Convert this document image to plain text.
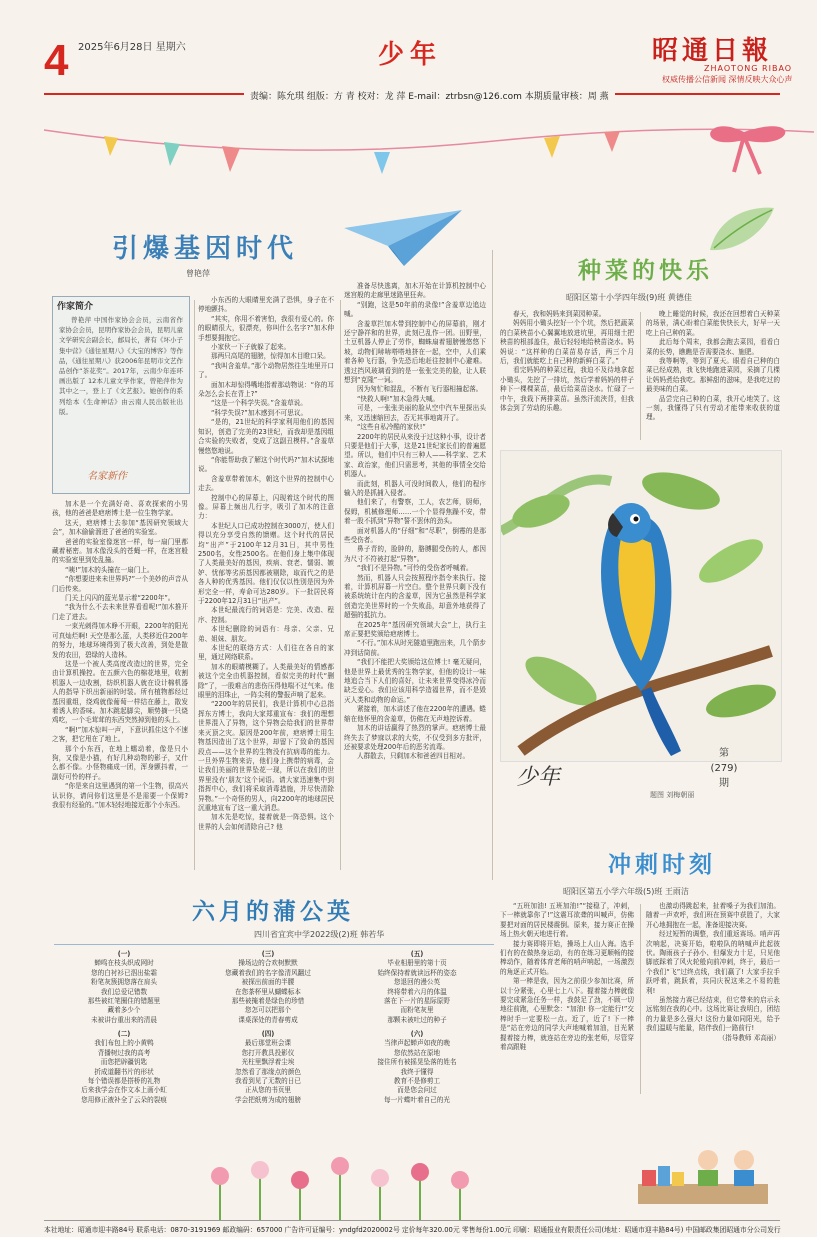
4 2025年6月28日 星期六	少年	昭通日報
ZHAOTONG RIBAO
权威传播公信新闻 深情反映大众心声
责编：陈允琪 组版：方 青 校对：龙 萍 E-mail：ztrbsn@126.com 本期质量审核：周 燕
引爆基因时代
曾艳萍
作家简介
曾艳萍 中国作家协会会员，云南省作家协会会员，昆明作家协会会员，昆明儿童文学研究会副会长，邮局长，著有《坏小子集中营》《通往星期八》《大宝的博客》等作品，《通往星期八》获2006年昆明市文艺作品创作“茶花奖”。2017年，云南少年连环画出版了 12本儿童文学作家，曾艳萍作为其中之一，登上了《文艺报》。她创作的系列绘本《生命神话》由云南人民出版社出版。
名家新作

加木是一个充满好奇、喜欢探索的小男孩，他的爸爸是疤痞博士是一位生物学家。

这天，疤痞博士去参加“基因研究领域大会”，加木偷偷溜进了爸爸的实验室。

爸爸的实验室像迷宫一样，每一扇门里都藏着秘密。加木像没头的苍蝇一样，在迷宫般的实验室里到处乱撞。

“咦!”加木的头撞在一扇门上。

“你想要进来未世界吗?”一个美妙的声音从门后传来。

门关上闪闪的蓝光显示着“2200年”。

“我为什么不去未来世界看看呢!”加木推开门走了进去。

一束光刺得加木睁不开眼，2200年的阳光可真灿烂啊! 天空是那么蓝，人类移近住200年的努力，地球环境得到了极大改善，到处是散发的农田，碧绿的人造林。

这是一个被人类高度改造过的世界，完全由计算机操控。在五颜六色的棉花地里，收割机器人一边收割，纺织机器人就在设计棉机器人的指导下织出新丽的时装。所有植物都经过基因重组，绕鸡就像葡萄一样结在藤上，散发着诱人的香味。加木跳起脚尖，顺势摘一只烧鸡吃，一个毛茸茸的东西突然掉到他的头上。

“啊!”加木惊叫一声，下意识抓住这个不速之客，把它甩在了地上。

那个小东西，在地上蠕动着，像是只小狗，又像是小猫，有好几种动物的影子，又什么都不像。小怪物痛成一团，浑身颤抖着，一副好可怜的样子。

“你是来自这里遇到的第一个生物，很高兴认识你，请问你们这里是不是需要一个保姆? 我很有经验的。”加木轻轻地接近那个小东西。

小东西的大眼睛里充满了恐惧，身子在不停地颤抖。

“其实，你用不着害怕，我很有爱心的。你的眼睛很大，很漂亮，你叫什么名字?”加木伸手想要拥抱它。

小家伙一下子就躲了起来。

那两只高尾的翅膀，惊得加木目瞪口呆。

“我叫含羞草。”那个动物居然往生地里开口了。

面加木却惊得嘴地指着那动物说：“你的耳朵怎么会长在背上?”

“这是一个科学失误。”含羞草说。

“科学失误?”加木感到不可思议。

“是的，21世纪的科学家利用他们的基因知识，创造了完美的23世纪，而我却是基因组合实验的失败者，变成了这副丑模样。”含羞草慢悠悠地说。

“你能帮助我了解这个时代吗?”加木试探地说。

含羞草带着加木，朝这个世界的控制中心走去。

控制中心的屏幕上，闪现着这个时代的图像。屏幕上频出几行字，吸引了加木的注意力：

本世纪人口已成功控制在3000万，使人们得以充分享受自然的馈赠。这个时代的居民均“出产”于2100年12月31日，其中男性2500名，女性2500名。在他们身上集中体现了人类最美好的基因，疾病、衰老、懦弱、嫉妒、忧郁等劣质基因都被剔除，取而代之的是各人种的优秀基因。他们仅仅以性别是因为外形完全一样，寿命可达280岁。下一批居民将于2200年12月31日“出产”。

本世纪最流行的词语是：完美、改造、程序、控制。

本世纪删除的词语有：母亲、父亲、兄弟、姐妹、朋友。

本世纪的联络方式：人们往在各自的家里，通过网络联系。

加木的眼睛模糊了。人类最美好的情感都被这个完全由机器控制，看似完美的时代“删除”了，一股难言的悲伤压得他喘不过气来。他眼里的泪珠止，一阵尖利的警报声响了起来。

“2200年的居民们，我是计算机中心总指挥东方博士，我向大家郑重宣布：我们的理想世界混入了异物，这个异物会给我们的世界带来灭顶之灾。原因是200年前，疤痞博士用生物基因造出了这个世界，却留下了致命的基因段点——这个世界的生物没有抗病毒的能力。一旦外界生物来访，他们身上携带的病毒，会让我们美丽的世界坠花一现，所以在我们的世界里没有‘朋友’这个词语。请大家迅速集中到指挥中心，我们将采取消毒措施，并尽快清除异物。”一个奇怪的男人，向2200年的地球居民沉重地宣布了这一重大消息。

加木先是吃惊，接着就是一阵恐惧。这个世界的人会如何清除自己? 他

准备尽快逃离，加木开始在计算机控制中心迷宫般的走廊里迷路里狂奔。

“别跑，这是50年前的录像!”含羞草边追边喊。

含羞草拦加木带到控制中心的屏幕前，刚才还宁静祥和的世界，此刻已乱作一团。田野里，土豆机器人停止了劳作，蜘蛛扇着翅膀慢悠悠下坡，动物们哧哧嗒嗒地挤在一起，空中，人们乘着各种飞行器，争先恐后地赶往控制中心避难。透过挡风玻璃看到的是一张张完美的脸，让人联想到“克隆”一词。

因为匆忙和混乱，不断有飞行器相撞起落。

“快救人啊!”加木急得大喊。

可是，一张张美丽的脸从空中汽车里探出头来，又迅速缩回去，否无其事地离开了。

“这些自私冷酷的家伙!”

2200年的居民从来没于过这种小事，设计者只要是他们于大事，这是21世纪家长们的普遍愿望。所以，他们中只有三种人——科学家、艺术家、政治家，他们只需思考，其他的事情全交给机器人。

而此刻，机器人可没时间救人，他们的程序输入的是抓捕入侵者。

他们来了，有警察，工人，农艺师，厨师，保姆，机械修理师……一个个显得焦躁不安，带着一股不抓到“异物”誓不罢休的劲头。

面对机器人的“仔细”和“尽职”，倒霉的是那些受伤者。

鼻子青的，脸肿的，胳膊腿受伤的人，都因为尺寸不符被打起“异物”。

“我们不是异物。”可怜的受伤者呼喊着。

然而，机器人只会按照程序指令来执行。接着，计算机屏幕一片空白。整个世界只剩下没有被系统统计在内的含羞草，因为它虽然是科学家创造完美世界时的一个失败品，却意外地获得了超强的抵抗力。

在2025年“基因研究领域大会”上，执行主席正要把奖颁给疤痞博士。

“不行。”加木从时光隧道里跑出来，几个箭步冲到话筒前。

“我们不能把大奖颁给这位博士! 毫无疑问，他是世界上最优秀的生物学家，但他的设计一味地追合当下人们的喜好，让未来世界变得冰冷而缺乏爱心。我们应该用科学造福世界，而不是毁灭人类和动物的命运。”

紧接着，加木讲述了他在2200年的遭遇。蜷缩在他怀里的含羞草，仿佛在无声地控诉着。

加木的讲话赢得了热烈的掌声。疤痞博士最终失去了梦寐以求的大奖，不仅受到多方批评，还被要求处理200年后的恶劣流毒。

人群散去，只剩加木和爸爸四目相对。

种菜的快乐
昭阳区第十小学四年级(9)班 黄德佳

春天，我和妈妈来到菜园种菜。

妈妈用小锄头挖好一个个坑，然后把蔬菜的白菜秧苗小心翼翼地放进坑里，再用细土把秧苗的根部盖住，最后轻轻地给秧苗浇水。妈妈说：“这样种的白菜苗易存活，两三个月后，我们就能吃上自己种的新鲜白菜了。”

看完妈妈的种菜过程，我迫不及待地拿起小锄头，先挖了一排坑，然后学着妈妈的样子种下一棵棵菜苗，最后给菜苗浇水。忙碌了一中午，我栽下两排菜苗。虽然汗流浃背，但我体会到了劳动的乐趣。

晚上睡觉的时候，我还在回想着白天种菜的场景，满心盼着白菜能快快长大，好早一天吃上自己种的菜。

此后每个周末，我都会跑去菜园，看看白菜的长势，瞧瞧是否需要浇水、施肥。

我等啊等，等到了夏天。眼看自己种的白菜已经成熟，我飞快地跑进菜园，采摘了几棵让妈妈煮给我吃。那鲜甜的滋味，是我吃过的最美味的白菜。

品尝完自己种的白菜，我开心地笑了。这一刻，我懂得了只有劳动才能带来收获的道理。

第
(279)
期
少年
题图 刘梅朝丽
冲刺时刻
昭阳区第五小学六年级(5)班 王雨洁

“五班加油! 五班加油!”“接稳了，冲刺，下一棒就靠你了!”这震耳欲聋的叫喊声，仿佛要把对面的居民楼震倒。原来，接力赛正在操场上热火朝天地进行着。

接力赛即将开始，操场上人山人海。选手们有的在做热身运动，有的在练习更顺畅的接棒动作，随着体育老师的哨声响起，一场激烈的角逐正式开始。

第一棒是我，因为之前很少参加比赛，所以十分紧张，心里七上八下。握着接力棒就像要完成紧急任务一样，我鼓足了劲，不顾一切地往前跑，心里默念：“加油! 你一定能行!”交棒时手一定要松一点。近了，近了! 下一棒是“站在旁边的同学大声地喊着加油，目光紧握着接力棒，就连站在旁边的张老师，尽管穿着高跟鞋

也激动得跳起来，扯着嗓子为我们加油。随着一声欢呼，我们班在预赛中获胜了，大家开心地拥抱在一起，准备迎接决赛。

经过短暂的调整，我们重返赛场。哨声再次响起，决赛开始，啦啦队的呐喊声此起彼伏。陶雨孩子子孙小、但爆发力十足，只见他脚底踩着了风火轮般向前冲刺，终于，最后一个我们“飞”过终点线，我们赢了! 大家手拉手跃呼着，跳跃着，共同庆祝这来之不易的胜利!

虽然接力赛已经结束，但它带来的启示永远铭刻在我的心中。这场比赛让我明白，团结的力量是多么强大! 这份力量如同阳光，给予我们温暖与能量，陪伴我们一路前行!

（指导教师 邓高丽）

六月的蒲公英
四川省宜宾中学2022级(2)班 韩若华
(一)
蝉鸣在枝头织成网时
您的白衬衫已泅出盐霜
粉笔灰簇拥您落在肩头
我们总爱记错数
那些被红笔圈住的错题里
藏着多少个
未被讲台重出来的清晨
(二)
我们布包上的小黄鸭
背播树过我的高考
而您把辟疆钥匙
折成道翻书片的形状
每个错误都是搭桥的礼物
后来我学会在作文本上画小虹
您用修正液补全了云朵的裂痕
(三)
操场边的合欢树默默
您藏着我们的名字像清风翻过
被探出前面的半腰
在您茶杯里从蝴蝶标本
那些被掩着是绿色的珍惜
您怎可以把那个
课桌深处的青春剪成
(四)
最后那堂班会课
您打开教具投影仪
光柱里飘浮着尘埃
忽然看了那缘点的颜色
我看到见了无数的日已
正从您的书页里
学会把纸剪为成的翅膀
(五)
毕业相册里的第十页
始终保持着就读远杯的姿态
您退回的漫公英
终将带着六月的体温
落在下一片的星际原野
而粉笔灰里
那颗未被吐过的种子
(六)
当律声起蝉声如夜的晚
您依然站在原地
接住所有被摇晃坠落的姓名
我终于懂得
教育不是修剪工
而是您会问过
每一片蝶叶着自己的光
本社地址：昭通市迎丰路84号 联系电话：0870-3191969 邮政编码：657000 广告许可证编号：yndgfd2020002号 定价每年320.00元 零售每份1.00元 印刷：昭通报业有限责任公司(地址：昭通市迎丰路84号) 中国邮政集团昭通市分公司发行
